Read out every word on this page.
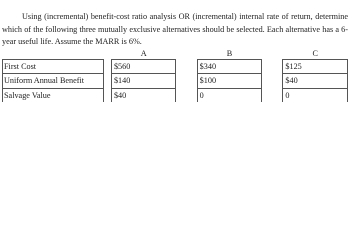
Using (incremental) benefit-cost ratio analysis OR (incremental) internal rate of return, determine which of the following three mutually exclusive alternatives should be selected. Each alternative has a 6-year useful life. Assume the MARR is 6%.

		A		B		C
First Cost		$560		$340		$125
Uniform Annual Benefit		$140		$100		$40
Salvage Value		$40		0		0
